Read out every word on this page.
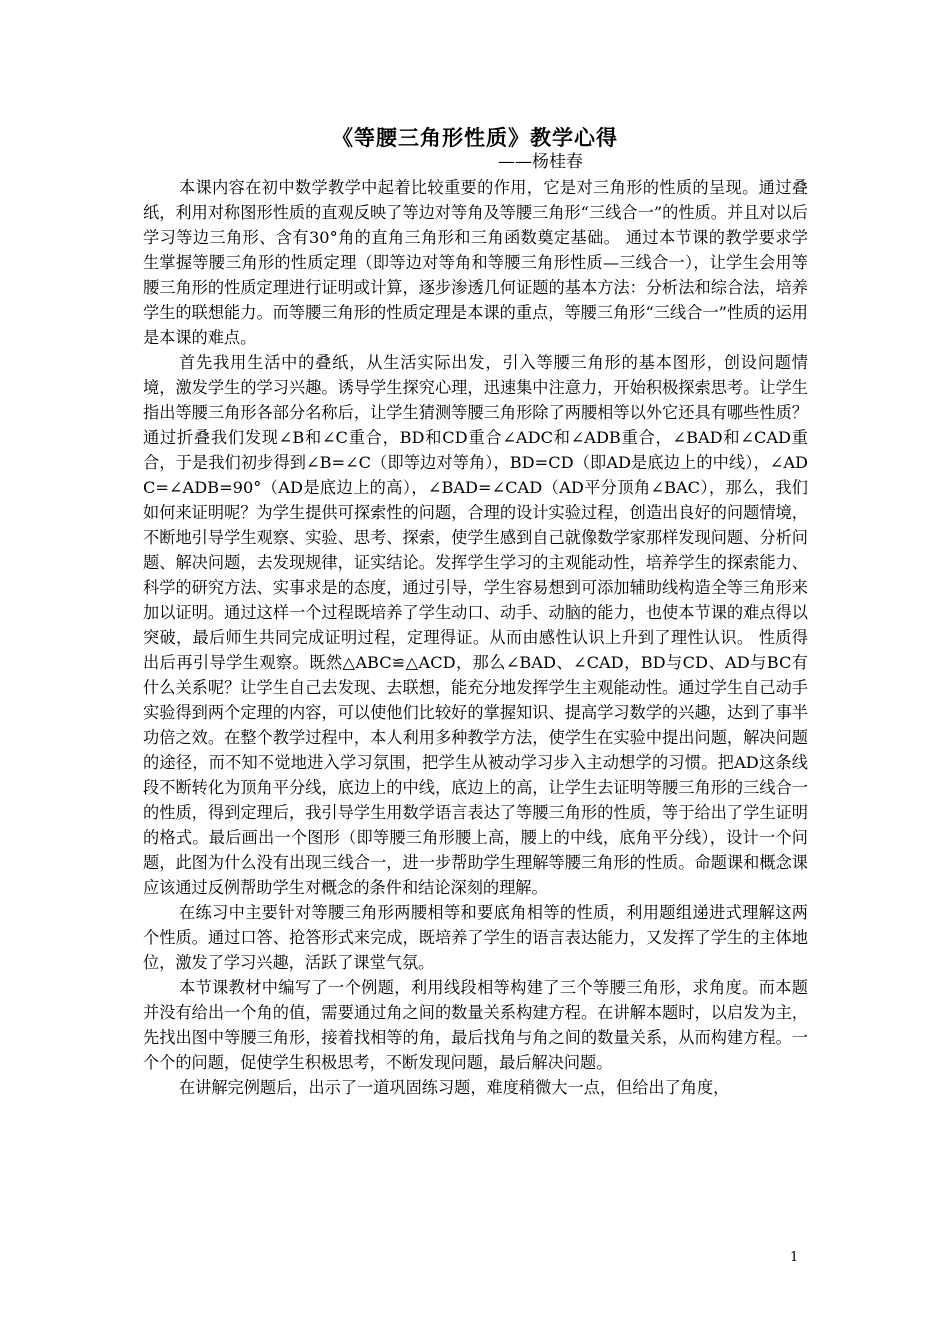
《等腰三角形性质》教学心得
——杨桂春

本课内容在初中数学教学中起着比较重要的作用，它是对三角形的性质的呈现。通过叠纸，利用对称图形性质的直观反映了等边对等角及等腰三角形“三线合一”的性质。并且对以后学习等边三角形、含有30°角的直角三角形和三角函数奠定基础。 通过本节课的教学要求学生掌握等腰三角形的性质定理（即等边对等角和等腰三角形性质—三线合一），让学生会用等腰三角形的性质定理进行证明或计算，逐步渗透几何证题的基本方法：分析法和综合法，培养学生的联想能力。而等腰三角形的性质定理是本课的重点，等腰三角形“三线合一”性质的运用是本课的难点。

首先我用生活中的叠纸，从生活实际出发，引入等腰三角形的基本图形，创设问题情境，激发学生的学习兴趣。诱导学生探究心理，迅速集中注意力，开始积极探索思考。让学生指出等腰三角形各部分名称后，让学生猜测等腰三角形除了两腰相等以外它还具有哪些性质？通过折叠我们发现∠B和∠C重合，BD和CD重合∠ADC和∠ADB重合，∠BAD和∠CAD重合，于是我们初步得到∠B=∠C（即等边对等角），BD=CD（即AD是底边上的中线），∠ADC=∠ADB=90°（AD是底边上的高），∠BAD=∠CAD（AD平分顶角∠BAC），那么，我们如何来证明呢？为学生提供可探索性的问题，合理的设计实验过程，创造出良好的问题情境，不断地引导学生观察、实验、思考、探索，使学生感到自己就像数学家那样发现问题、分析问题、解决问题，去发现规律，证实结论。发挥学生学习的主观能动性，培养学生的探索能力、科学的研究方法、实事求是的态度，通过引导，学生容易想到可添加辅助线构造全等三角形来加以证明。通过这样一个过程既培养了学生动口、动手、动脑的能力，也使本节课的难点得以突破，最后师生共同完成证明过程，定理得证。从而由感性认识上升到了理性认识。 性质得出后再引导学生观察。既然△ABC≌△ACD，那么∠BAD、∠CAD，BD与CD、AD与BC有什么关系呢？让学生自己去发现、去联想，能充分地发挥学生主观能动性。通过学生自己动手实验得到两个定理的内容，可以使他们比较好的掌握知识、提高学习数学的兴趣，达到了事半功倍之效。在整个教学过程中，本人利用多种教学方法，使学生在实验中提出问题，解决问题的途径，而不知不觉地进入学习氛围，把学生从被动学习步入主动想学的习惯。把AD这条线段不断转化为顶角平分线，底边上的中线，底边上的高，让学生去证明等腰三角形的三线合一的性质，得到定理后，我引导学生用数学语言表达了等腰三角形的性质，等于给出了学生证明的格式。最后画出一个图形（即等腰三角形腰上高，腰上的中线，底角平分线），设计一个问题，此图为什么没有出现三线合一，进一步帮助学生理解等腰三角形的性质。命题课和概念课应该通过反例帮助学生对概念的条件和结论深刻的理解。

在练习中主要针对等腰三角形两腰相等和要底角相等的性质，利用题组递进式理解这两个性质。通过口答、抢答形式来完成，既培养了学生的语言表达能力，又发挥了学生的主体地位，激发了学习兴趣，活跃了课堂气氛。

本节课教材中编写了一个例题，利用线段相等构建了三个等腰三角形，求角度。而本题并没有给出一个角的值，需要通过角之间的数量关系构建方程。在讲解本题时，以启发为主，先找出图中等腰三角形，接着找相等的角，最后找角与角之间的数量关系，从而构建方程。一个个的问题，促使学生积极思考，不断发现问题，最后解决问题。

在讲解完例题后，出示了一道巩固练习题，难度稍微大一点，但给出了角度，

1
